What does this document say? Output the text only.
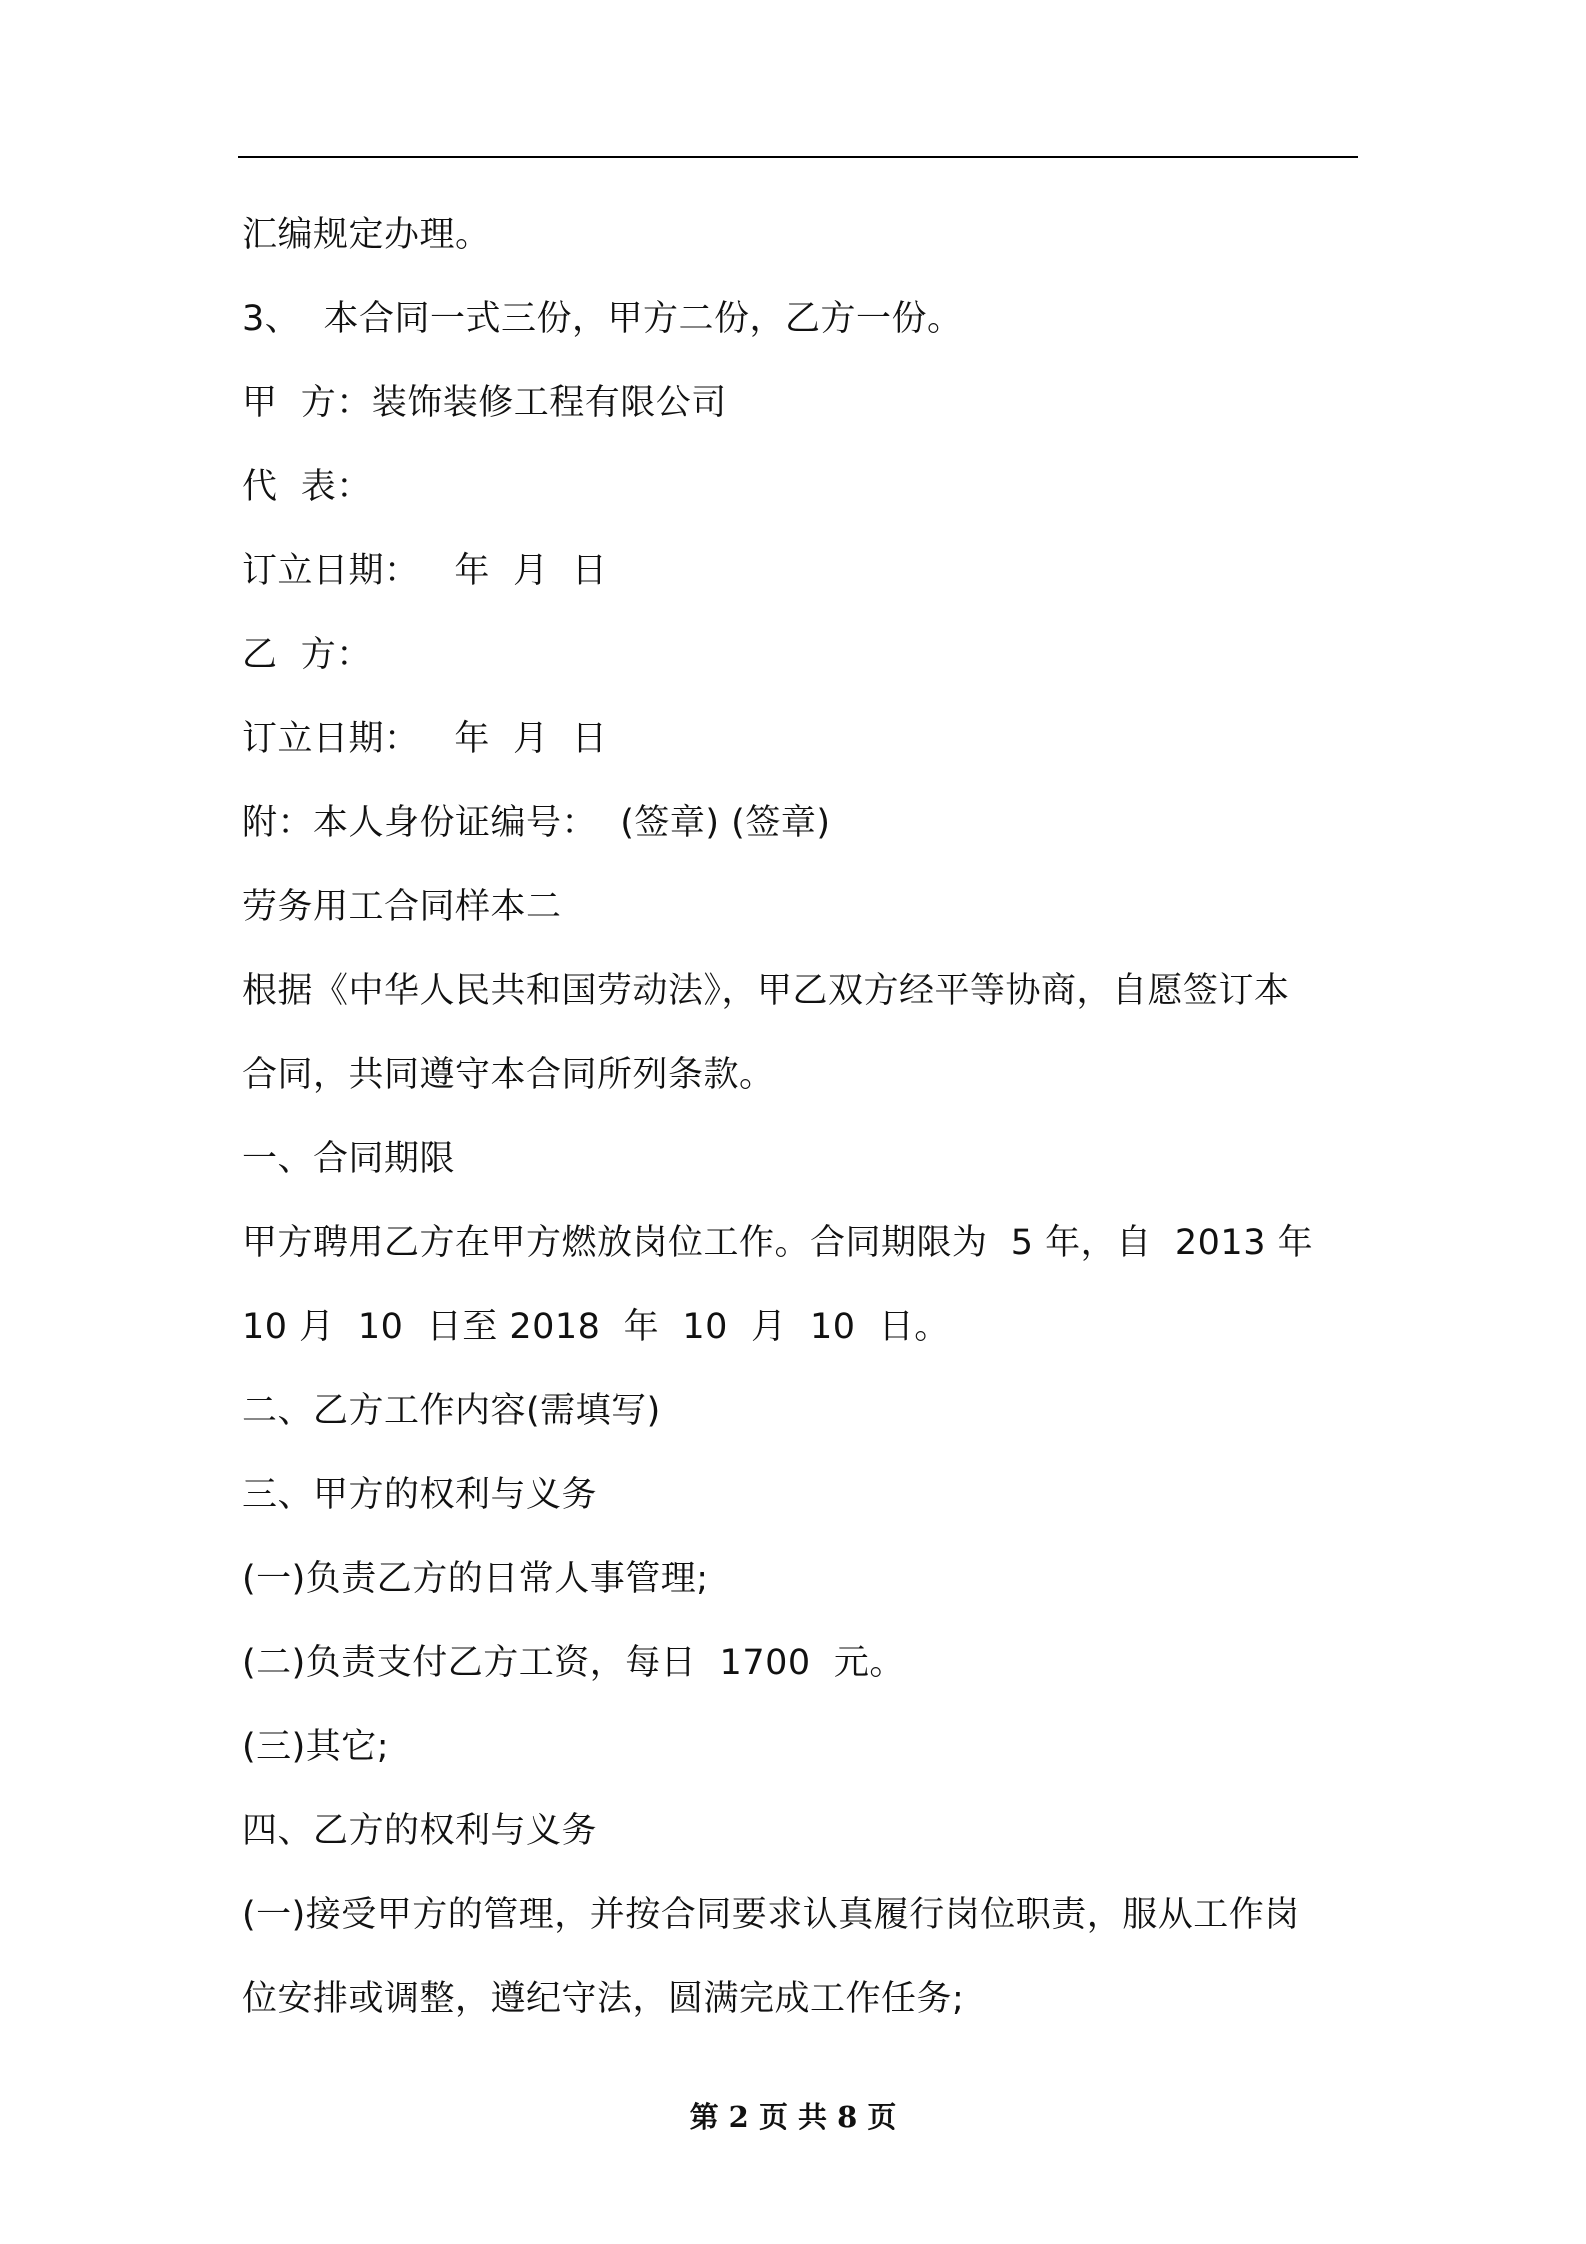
汇编规定办理。
3、  本合同一式三份，甲方二份，乙方一份。
甲  方：装饰装修工程有限公司
代  表：
订立日期：   年  月  日
乙  方：
订立日期：   年  月  日
附：本人身份证编号：  (签章) (签章)
劳务用工合同样本二
根据《中华人民共和国劳动法》，甲乙双方经平等协商，自愿签订本
合同，共同遵守本合同所列条款。
一、合同期限
甲方聘用乙方在甲方燃放岗位工作。合同期限为  5 年，自  2013 年
10 月  10  日至 2018  年  10  月  10  日。
二、乙方工作内容(需填写)
三、甲方的权利与义务
(一)负责乙方的日常人事管理;
(二)负责支付乙方工资，每日  1700  元。
(三)其它;
四、乙方的权利与义务
(一)接受甲方的管理，并按合同要求认真履行岗位职责，服从工作岗
位安排或调整，遵纪守法，圆满完成工作任务;
第 2 页 共 8 页
